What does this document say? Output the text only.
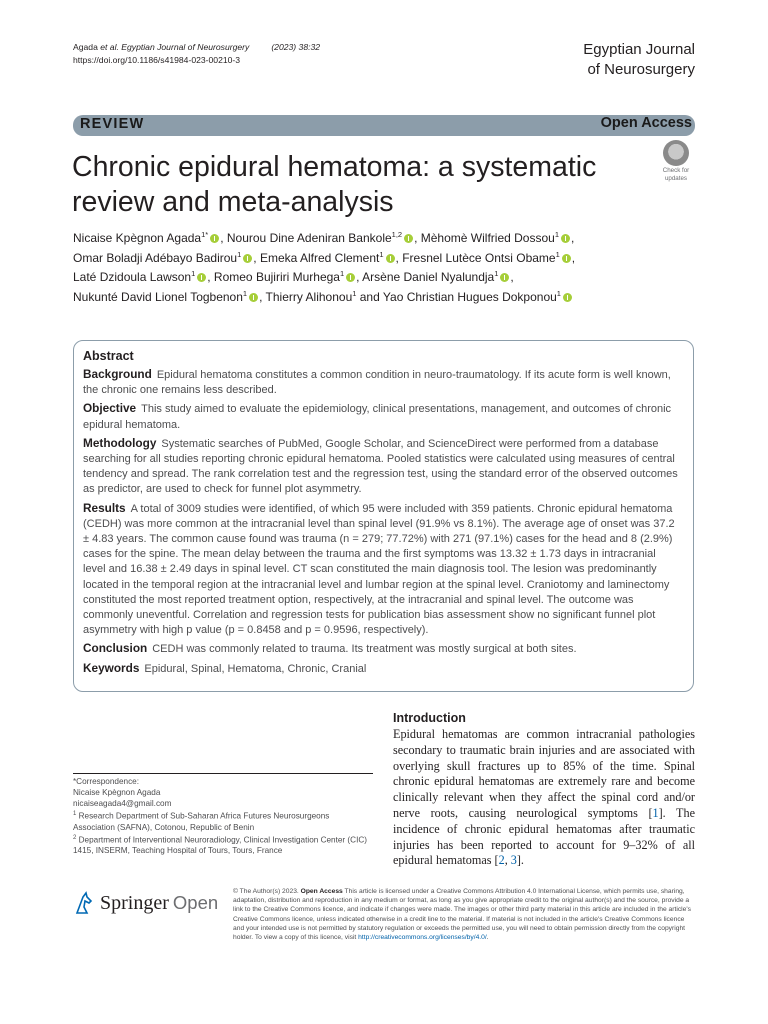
Agada et al. Egyptian Journal of Neurosurgery	(2023) 38:32
https://doi.org/10.1186/s41984-023-00210-3
Egyptian Journal
of Neurosurgery
REVIEW	Open Access
Chronic epidural hematoma: a systematic review and meta-analysis
Check for
updates
Nicaise Kpègnon Agada$^{1*}$ , Nourou Dine Adeniran Bankole$^{1,2}$ , Mèhomè Wilfried Dossou$^1$ ,
Omar Boladji Adébayo Badirou$^1$ , Emeka Alfred Clement$^1$ , Fresnel Lutèce Ontsi Obame$^1$ ,
Laté Dzidoula Lawson$^1$ , Romeo Bujiriri Murhega$^1$ , Arsène Daniel Nyalundja$^1$ ,
Nukunté David Lionel Togbenon$^1$ , Thierry Alihonou$^1$ and Yao Christian Hugues Dokponou$^1$
Abstract
Background Epidural hematoma constitutes a common condition in neuro-traumatology. If its acute form is well known, the chronic one remains less described.
Objective This study aimed to evaluate the epidemiology, clinical presentations, management, and outcomes of chronic epidural hematoma.
Methodology Systematic searches of PubMed, Google Scholar, and ScienceDirect were performed from a database searching for all studies reporting chronic epidural hematoma. Pooled statistics were calculated using measures of central tendency and spread. The rank correlation test and the regression test, using the standard error of the observed outcomes as predictor, are used to check for funnel plot asymmetry.
Results A total of 3009 studies were identified, of which 95 were included with 359 patients. Chronic epidural hematoma (CEDH) was more common at the intracranial level than spinal level (91.9% vs 8.1%). The average age of onset was 37.2 ± 4.83 years. The common cause found was trauma (n = 279; 77.72%) with 271 (97.1%) cases for the head and 8 (2.9%) cases for the spine. The mean delay between the trauma and the first symptoms was 13.32 ± 1.73 days in intracranial level and 16.38 ± 2.49 days in spinal level. CT scan constituted the main diagnosis tool. The lesion was predominantly located in the temporal region at the intracranial level and lumbar region at the spinal level. Craniotomy and laminectomy constituted the most reported treatment option, respectively, at the intracranial and spinal level. The outcome was commonly uneventful. Correlation and regression tests for publication bias assessment show no significant funnel plot asymmetry with high p value (p = 0.8458 and p = 0.9596, respectively).
Conclusion CEDH was commonly related to trauma. Its treatment was mostly surgical at both sites.
Keywords Epidural, Spinal, Hematoma, Chronic, Cranial
*Correspondence:
Nicaise Kpègnon Agada
nicaiseagada4@gmail.com
$^1$ Research Department of Sub-Saharan Africa Futures Neurosurgeons Association (SAFNA), Cotonou, Republic of Benin
$^2$ Department of Interventional Neuroradiology, Clinical Investigation Center (CIC) 1415, INSERM, Teaching Hospital of Tours, Tours, France
Introduction

Epidural hematomas are common intracranial pathologies secondary to traumatic brain injuries and are associated with overlying skull fractures up to 85% of the time. Spinal chronic epidural hematomas are extremely rare and become clinically relevant when they affect the spinal cord and/or nerve roots, causing neurological symptoms [1]. The incidence of chronic epidural hematomas after traumatic injuries has been reported to account for 9–32% of all epidural hematomas [2, 3].

Springer Open
© The Author(s) 2023. Open Access This article is licensed under a Creative Commons Attribution 4.0 International License, which permits use, sharing, adaptation, distribution and reproduction in any medium or format, as long as you give appropriate credit to the original author(s) and the source, provide a link to the Creative Commons licence, and indicate if changes were made. The images or other third party material in this article are included in the article's Creative Commons licence, unless indicated otherwise in a credit line to the material. If material is not included in the article's Creative Commons licence and your intended use is not permitted by statutory regulation or exceeds the permitted use, you will need to obtain permission directly from the copyright holder. To view a copy of this licence, visit http://creativecommons.org/licenses/by/4.0/.
